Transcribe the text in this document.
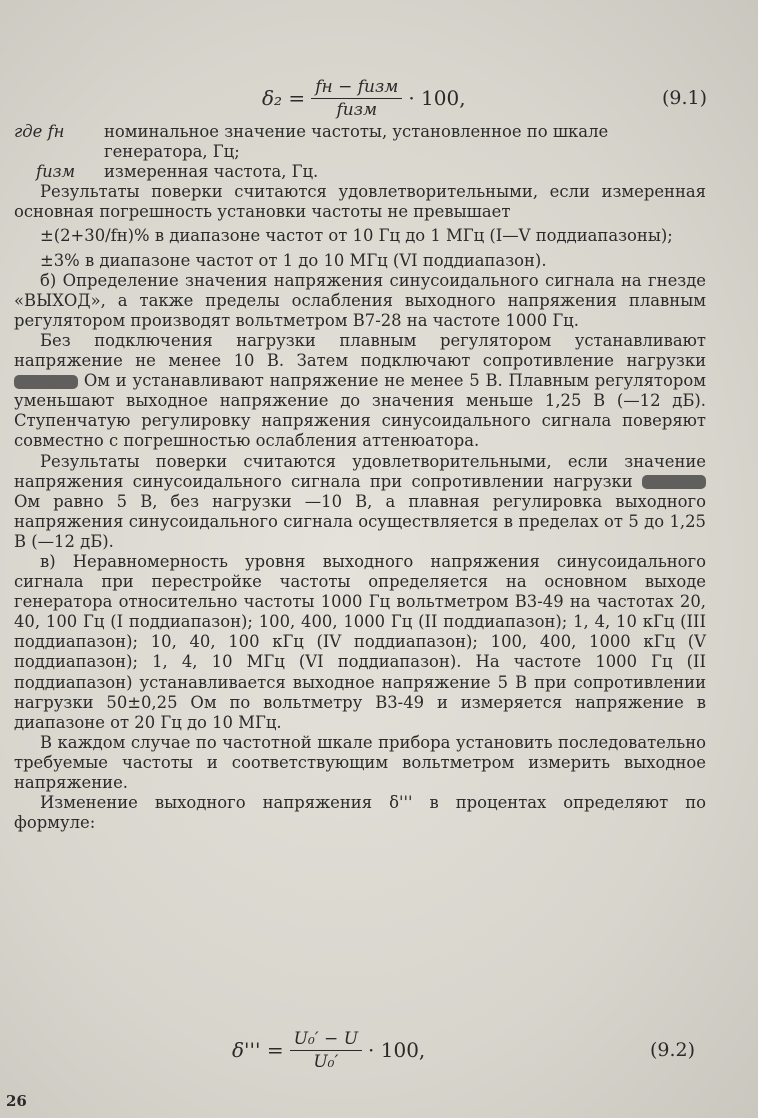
$\delta_2 = \frac{\text{fн − fизм}}{\text{fизм}} \cdot 100$,	(9.1)
где fн	номинальное значение частоты, установленное по шкале генератора, Гц;
fизм	измеренная частота, Гц.

Результаты поверки считаются удовлетворительными, если измеренная основная погрешность установки частоты не превышает

±(2+30/fн)% в диапазоне частот от 10 Гц до 1 МГц (I—V поддиапазоны);

±3% в диапазоне частот от 1 до 10 МГц (VI поддиапазон).

б) Определение значения напряжения синусоидального сигнала на гнезде «ВЫХОД», а также пределы ослабления выходного напряжения плавным регулятором производят вольтметром В7-28 на частоте 1000 Гц.

Без подключения нагрузки плавным регулятором устанавливают напряжение не менее 10 В. Затем подключают сопротивление нагрузки  Ом и устанавливают напряжение не менее 5 В. Плавным регулятором уменьшают выходное напряжение до значения меньше 1,25 В (—12 дБ). Ступенчатую регулировку напряжения синусоидального сигнала поверяют совместно с погрешностью ослабления аттенюатора.

Результаты поверки считаются удовлетворительными, если значение напряжения синусоидального сигнала при сопротивлении нагрузки  Ом равно 5 В, без нагрузки —10 В, а плавная регулировка выходного напряжения синусоидального сигнала осуществляется в пределах от 5 до 1,25 В (—12 дБ).

в) Неравномерность уровня выходного напряжения синусоидального сигнала при перестройке частоты определяется на основном выходе генератора относительно частоты 1000 Гц вольтметром В3-49 на частотах 20, 40, 100 Гц (I поддиапазон); 100, 400, 1000 Гц (II поддиапазон); 1, 4, 10 кГц (III поддиапазон); 10, 40, 100 кГц (IV поддиапазон); 100, 400, 1000 кГц (V поддиапазон); 1, 4, 10 МГц (VI поддиапазон). На частоте 1000 Гц (II поддиапазон) устанавливается выходное напряжение 5 В при сопротивлении нагрузки 50±0,25 Ом по вольтметру В3-49 и измеряется напряжение в диапазоне от 20 Гц до 10 МГц.

В каждом случае по частотной шкале прибора установить последовательно требуемые частоты и соответствующим вольтметром измерить выходное напряжение.

Изменение выходного напряжения δ''' в процентах определяют по формуле:

$\delta''' = \frac{\text{U₀′ − U}}{\text{U₀′}} \cdot 100$,	(9.2)
26
